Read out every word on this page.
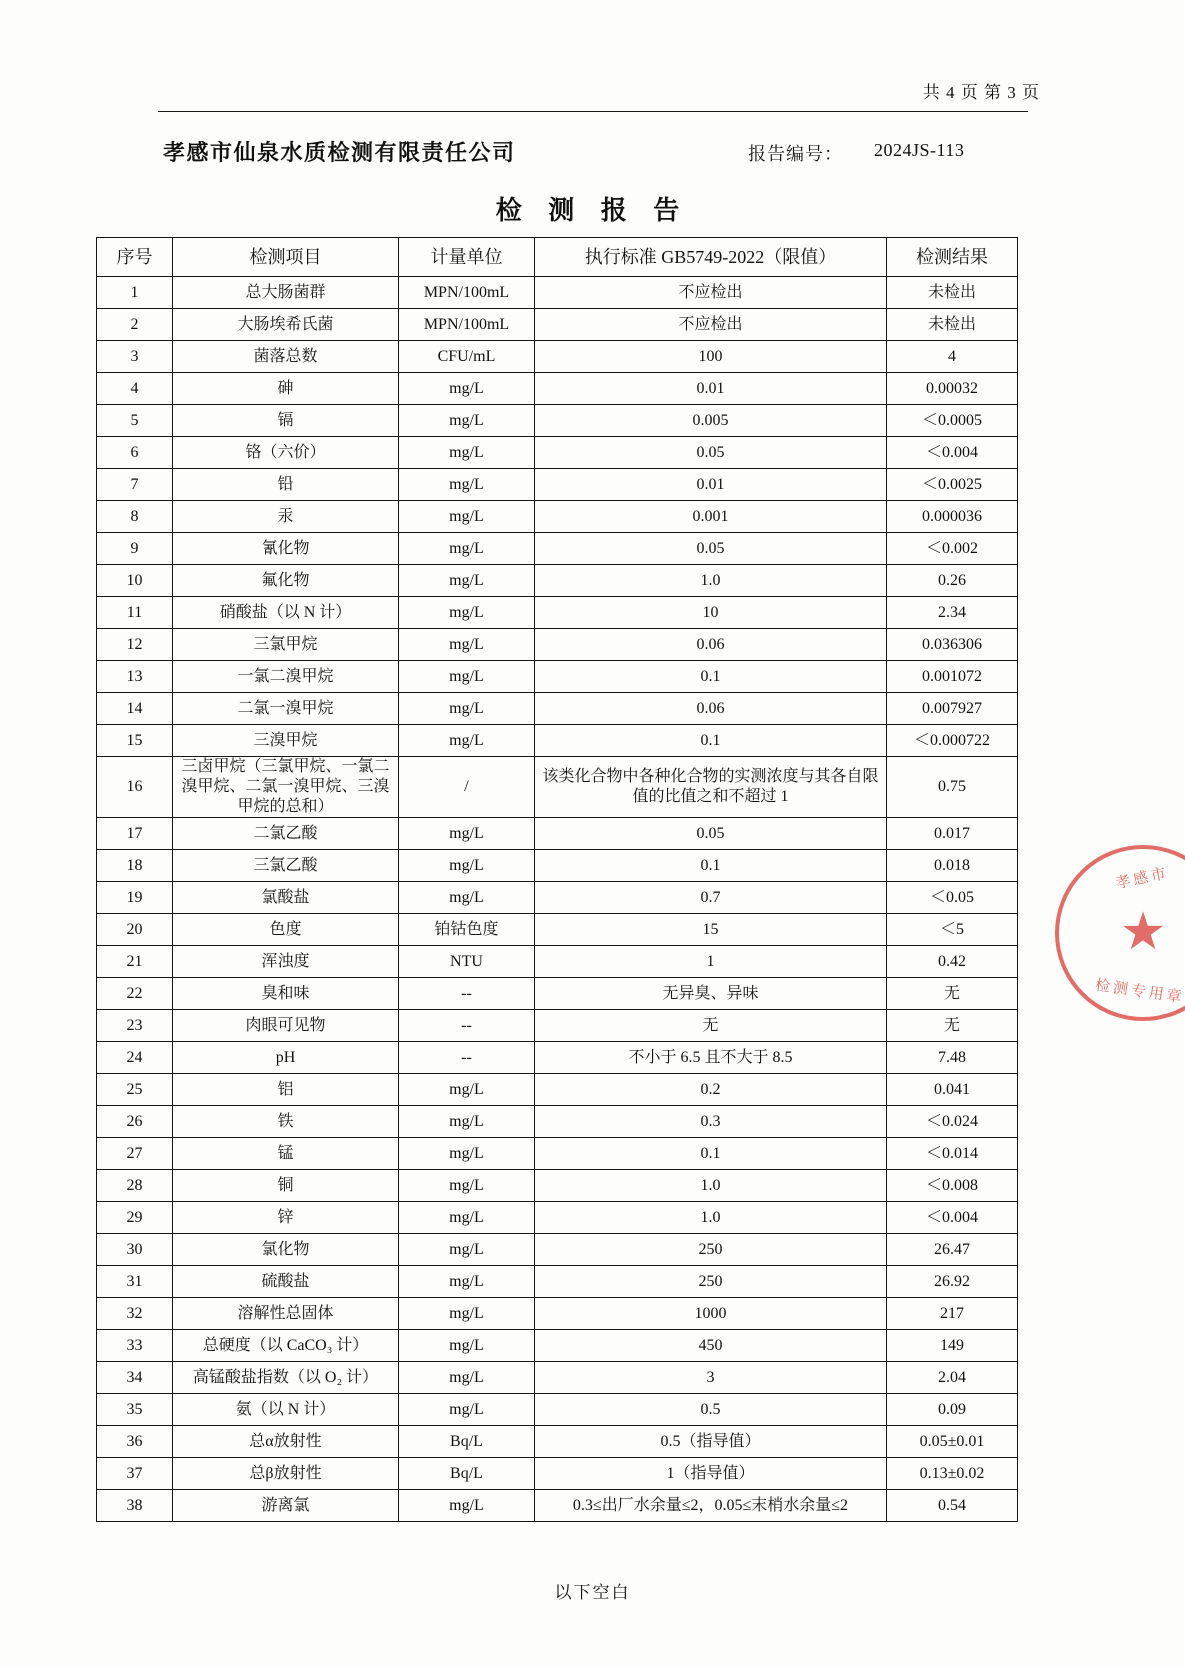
共 4 页 第 3 页
孝感市仙泉水质检测有限责任公司	报告编号： 2024JS-113
检 测 报 告
序号	检测项目	计量单位	执行标准 GB5749-2022（限值）	检测结果
1	总大肠菌群	MPN/100mL	不应检出	未检出
2	大肠埃希氏菌	MPN/100mL	不应检出	未检出
3	菌落总数	CFU/mL	100	4
4	砷	mg/L	0.01	0.00032
5	镉	mg/L	0.005	＜0.0005
6	铬（六价）	mg/L	0.05	＜0.004
7	铅	mg/L	0.01	＜0.0025
8	汞	mg/L	0.001	0.000036
9	氰化物	mg/L	0.05	＜0.002
10	氟化物	mg/L	1.0	0.26
11	硝酸盐（以 N 计）	mg/L	10	2.34
12	三氯甲烷	mg/L	0.06	0.036306
13	一氯二溴甲烷	mg/L	0.1	0.001072
14	二氯一溴甲烷	mg/L	0.06	0.007927
15	三溴甲烷	mg/L	0.1	＜0.000722
16	三卤甲烷（三氯甲烷、一氯二溴甲烷、二氯一溴甲烷、三溴甲烷的总和）	/	该类化合物中各种化合物的实测浓度与其各自限值的比值之和不超过 1	0.75
17	二氯乙酸	mg/L	0.05	0.017
18	三氯乙酸	mg/L	0.1	0.018
19	氯酸盐	mg/L	0.7	＜0.05
20	色度	铂钴色度	15	＜5
21	浑浊度	NTU	1	0.42
22	臭和味	--	无异臭、异味	无
23	肉眼可见物	--	无	无
24	pH	--	不小于 6.5 且不大于 8.5	7.48
25	铝	mg/L	0.2	0.041
26	铁	mg/L	0.3	＜0.024
27	锰	mg/L	0.1	＜0.014
28	铜	mg/L	1.0	＜0.008
29	锌	mg/L	1.0	＜0.004
30	氯化物	mg/L	250	26.47
31	硫酸盐	mg/L	250	26.92
32	溶解性总固体	mg/L	1000	217
33	总硬度（以 CaCO₃ 计）	mg/L	450	149
34	高锰酸盐指数（以 O₂ 计）	mg/L	3	2.04
35	氨（以 N 计）	mg/L	0.5	0.09
36	总α放射性	Bq/L	0.5（指导值）	0.05±0.01
37	总β放射性	Bq/L	1（指导值）	0.13±0.02
38	游离氯	mg/L	0.3≤出厂水余量≤2，0.05≤末梢水余量≤2	0.54
以下空白
孝感市
★
检测专用章
